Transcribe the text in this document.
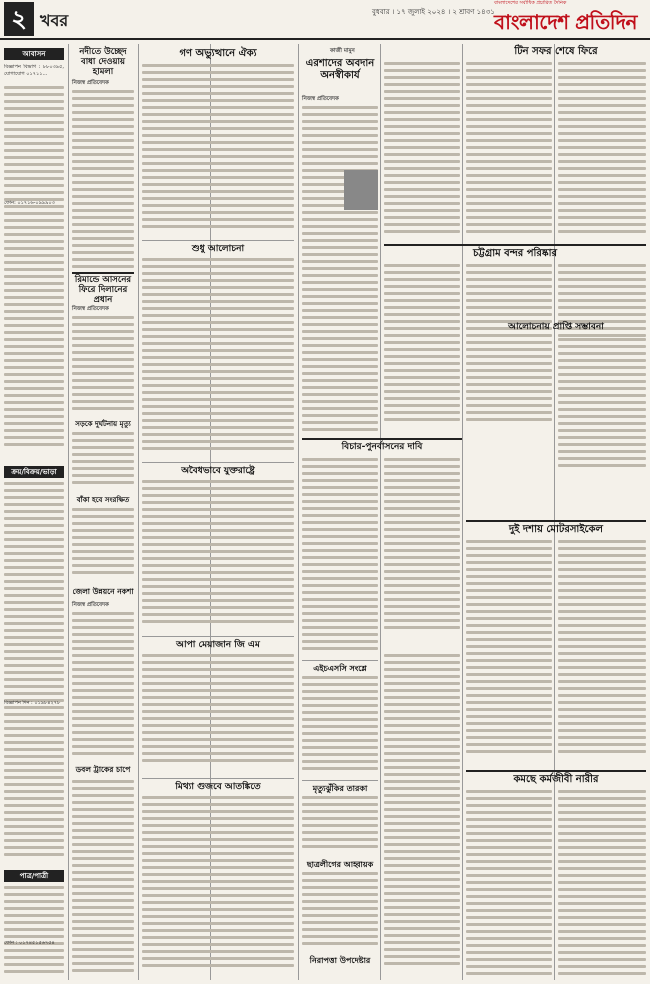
২ খবর	বুধবার । ১৭ জুলাই ২০২৪ । ২ শ্রাবণ ১৪৩১
বাংলাদেশের সর্বাধিক প্রচারিত দৈনিক
বাংলাদেশ প্রতিদিন
আবাসন
বিজ্ঞাপন বিভাগ : ৮৮০৩৯৫, যোগাযোগ ০১৭১১...
ফোন: ০১৭১৬-০৯৯৯০৩
ক্রয়/বিক্রয়/ভাড়া
বিজ্ঞাপন দিন : ০১৯৮৪২৭৮
পাত্র/পাত্রী
ফোন : ০১৭৪৫১৫৬৭৫৪
নদীতে উচ্ছেদ বাধা দেওয়ায় হামলা
নিজস্ব প্রতিবেদক
রিমান্ডে আসনের ফিরে দিলানের প্রধান
নিজস্ব প্রতিবেদক
সড়কে দুর্ঘটনায় মৃত্যু
বাঁকা হবে সংরক্ষিত
জেলা উন্নয়নে নকশা
নিজস্ব প্রতিবেদক
ডবল ট্রাকের চাপে
গণ অভ্যুত্থানে ঐক্য
শুধু আলোচনা
অবৈধভাবে যুক্তরাষ্ট্রে
আপা মেয়াজান জি এম
মিথ্যা গুজবে আতঙ্কিতে
কাজী মামুন
এরশাদের অবদান অনস্বীকার্য
নিজস্ব প্রতিবেদক
বিচার-পুনর্বাসনের দাবি
এইচএসসি সংশ্লে
মৃত্যুঝুঁকির তারকা
ছাত্রলীগের আহ্বায়ক
নিরাপত্তা উপদেষ্টার
টিন সফর শেষে ফিরে
চট্টগ্রাম বন্দর পরিষ্কার
আলোচনায় প্রাপ্তি সম্ভাবনা
দুই দশায় মোটরসাইকেল
কমছে কর্মজীবী নারীর
